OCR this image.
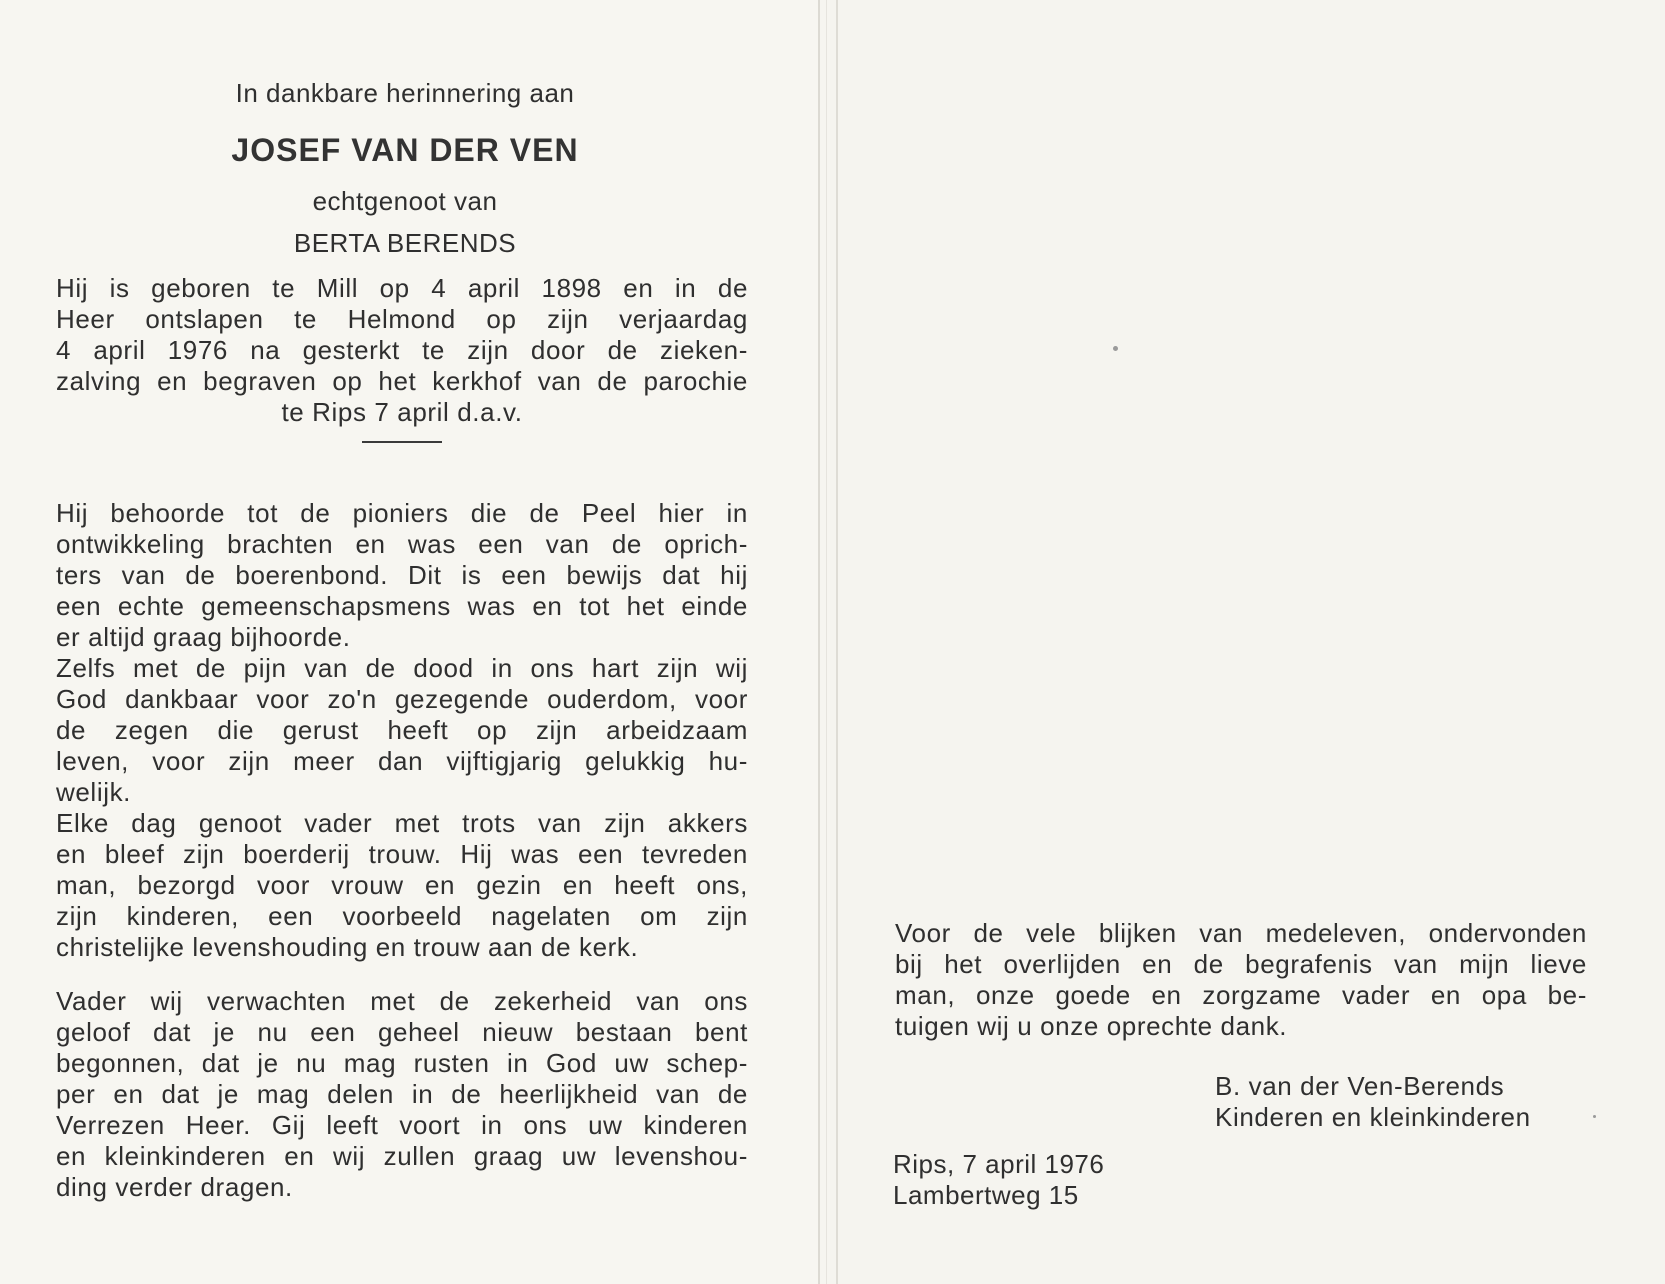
In dankbare herinnering aan
JOSEF VAN DER VEN
echtgenoot van
BERTA BERENDS
Hij is geboren te Mill op 4 april 1898 en in de
Heer ontslapen te Helmond op zijn verjaardag
4 april 1976 na gesterkt te zijn door de zieken-
zalving en begraven op het kerkhof van de parochie
te Rips 7 april d.a.v.
Hij behoorde tot de pioniers die de Peel hier in
ontwikkeling brachten en was een van de oprich-
ters van de boerenbond. Dit is een bewijs dat hij
een echte gemeenschapsmens was en tot het einde
er altijd graag bijhoorde.
Zelfs met de pijn van de dood in ons hart zijn wij
God dankbaar voor zo'n gezegende ouderdom, voor
de zegen die gerust heeft op zijn arbeidzaam
leven, voor zijn meer dan vijftigjarig gelukkig hu-
welijk.
Elke dag genoot vader met trots van zijn akkers
en bleef zijn boerderij trouw. Hij was een tevreden
man, bezorgd voor vrouw en gezin en heeft ons,
zijn kinderen, een voorbeeld nagelaten om zijn
christelijke levenshouding en trouw aan de kerk.
Vader wij verwachten met de zekerheid van ons
geloof dat je nu een geheel nieuw bestaan bent
begonnen, dat je nu mag rusten in God uw schep-
per en dat je mag delen in de heerlijkheid van de
Verrezen Heer. Gij leeft voort in ons uw kinderen
en kleinkinderen en wij zullen graag uw levenshou-
ding verder dragen.
Voor de vele blijken van medeleven, ondervonden
bij het overlijden en de begrafenis van mijn lieve
man, onze goede en zorgzame vader en opa be-
tuigen wij u onze oprechte dank.
B. van der Ven-Berends
Kinderen en kleinkinderen
Rips, 7 april 1976
Lambertweg 15
